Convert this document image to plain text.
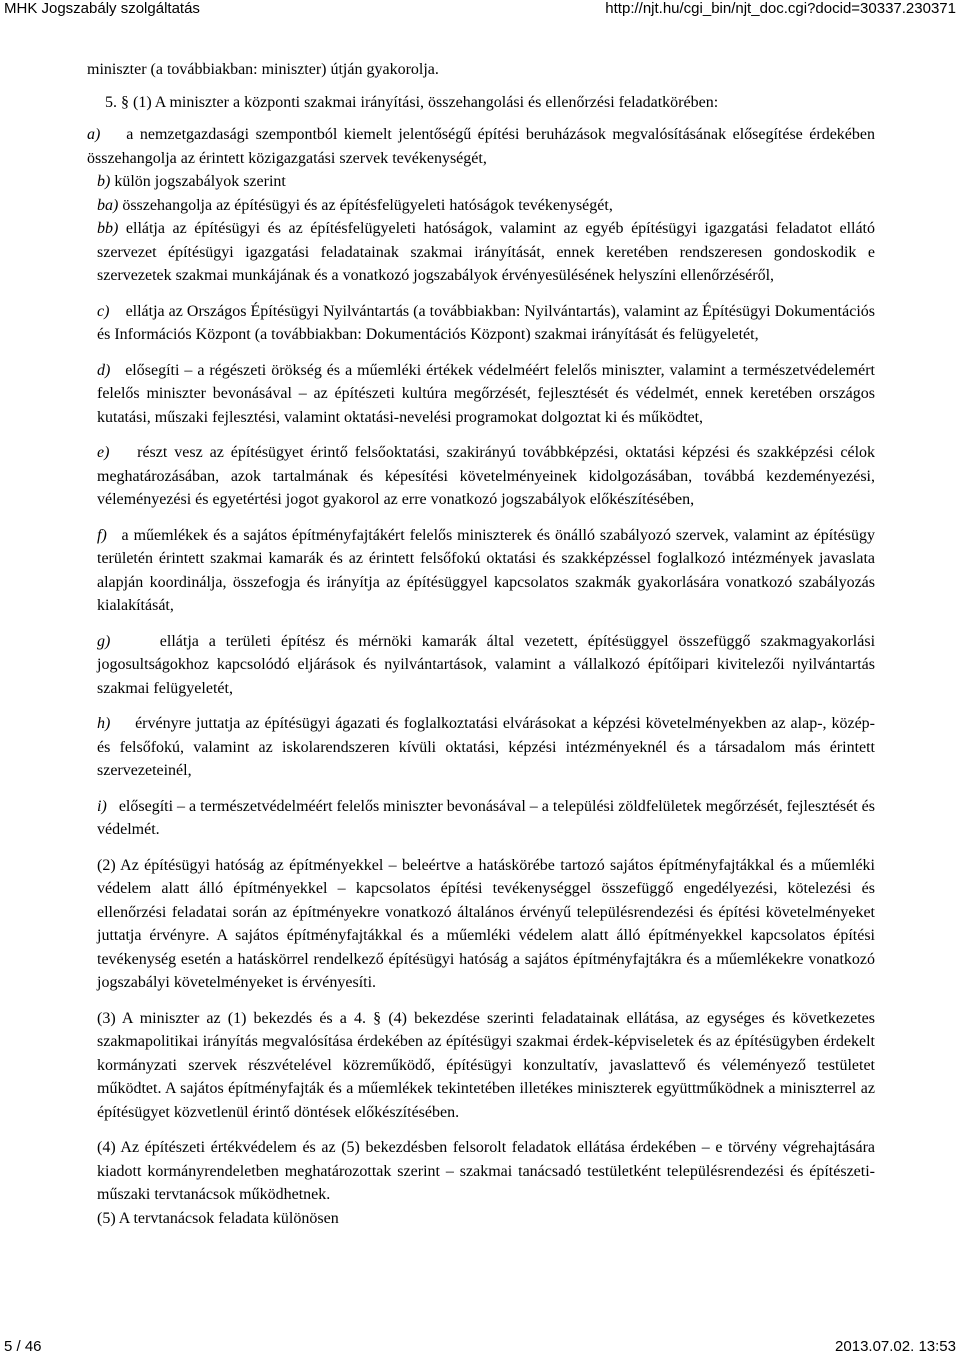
MHK Jogszabály szolgáltatás	http://njt.hu/cgi_bin/njt_doc.cgi?docid=30337.230371

miniszter (a továbbiakban: miniszter) útján gyakorolja.

5. § (1) A miniszter a központi szakmai irányítási, összehangolási és ellenőrzési feladatkörében:

a) a nemzetgazdasági szempontból kiemelt jelentőségű építési beruházások megvalósításának elősegítése érdekében összehangolja az érintett közigazgatási szervek tevékenységét,

b) külön jogszabályok szerint

ba) összehangolja az építésügyi és az építésfelügyeleti hatóságok tevékenységét,

bb) ellátja az építésügyi és az építésfelügyeleti hatóságok, valamint az egyéb építésügyi igazgatási feladatot ellátó szervezet építésügyi igazgatási feladatainak szakmai irányítását, ennek keretében rendszeresen gondoskodik e szervezetek szakmai munkájának és a vonatkozó jogszabályok érvényesülésének helyszíni ellenőrzéséről,

c) ellátja az Országos Építésügyi Nyilvántartás (a továbbiakban: Nyilvántartás), valamint az Építésügyi Dokumentációs és Információs Központ (a továbbiakban: Dokumentációs Központ) szakmai irányítását és felügyeletét,

d) elősegíti – a régészeti örökség és a műemléki értékek védelméért felelős miniszter, valamint a természetvédelemért felelős miniszter bevonásával – az építészeti kultúra megőrzését, fejlesztését és védelmét, ennek keretében országos kutatási, műszaki fejlesztési, valamint oktatási-nevelési programokat dolgoztat ki és működtet,

e) részt vesz az építésügyet érintő felsőoktatási, szakirányú továbbképzési, oktatási képzési és szakképzési célok meghatározásában, azok tartalmának és képesítési követelményeinek kidolgozásában, továbbá kezdeményezési, véleményezési és egyetértési jogot gyakorol az erre vonatkozó jogszabályok előkészítésében,

f) a műemlékek és a sajátos építményfajtákért felelős miniszterek és önálló szabályozó szervek, valamint az építésügy területén érintett szakmai kamarák és az érintett felsőfokú oktatási és szakképzéssel foglalkozó intézmények javaslata alapján koordinálja, összefogja és irányítja az építésüggyel kapcsolatos szakmák gyakorlására vonatkozó szabályozás kialakítását,

g)	ellátja a területi építész és mérnöki kamarák által vezetett, építésüggyel összefüggő szakmagyakorlási jogosultságokhoz kapcsolódó eljárások és nyilvántartások, valamint a vállalkozó építőipari kivitelezői nyilvántartás szakmai felügyeletét,

h) érvényre juttatja az építésügyi ágazati és foglalkoztatási elvárásokat a képzési követelményekben az alap-, közép- és felsőfokú, valamint az iskolarendszeren kívüli oktatási, képzési intézményeknél és a társadalom más érintett szervezeteinél,

i) elősegíti – a természetvédelméért felelős miniszter bevonásával – a települési zöldfelületek megőrzését, fejlesztését és védelmét.

(2) Az építésügyi hatóság az építményekkel – beleértve a hatáskörébe tartozó sajátos építményfajtákkal és a műemléki védelem alatt álló építményekkel – kapcsolatos építési tevékenységgel összefüggő engedélyezési, kötelezési és ellenőrzési feladatai során az építményekre vonatkozó általános érvényű településrendezési és építési követelményeket juttatja érvényre. A sajátos építményfajtákkal és a műemléki védelem alatt álló építményekkel kapcsolatos építési tevékenység esetén a hatáskörrel rendelkező építésügyi hatóság a sajátos építményfajtákra és a műemlékekre vonatkozó jogszabályi követelményeket is érvényesíti.

(3) A miniszter az (1) bekezdés és a 4. § (4) bekezdése szerinti feladatainak ellátása, az egységes és következetes szakmapolitikai irányítás megvalósítása érdekében az építésügyi szakmai érdek-képviseletek és az építésügyben érdekelt kormányzati szervek részvételével közreműködő, építésügyi konzultatív, javaslattevő és véleményező testületet működtet. A sajátos építményfajták és a műemlékek tekintetében illetékes miniszterek együttműködnek a miniszterrel az építésügyet közvetlenül érintő döntések előkészítésében.

(4) Az építészeti értékvédelem és az (5) bekezdésben felsorolt feladatok ellátása érdekében – e törvény végrehajtására kiadott kormányrendeletben meghatározottak szerint – szakmai tanácsadó testületként településrendezési és építészeti-műszaki tervtanácsok működhetnek.

(5) A tervtanácsok feladata különösen

5 / 46	2013.07.02. 13:53
